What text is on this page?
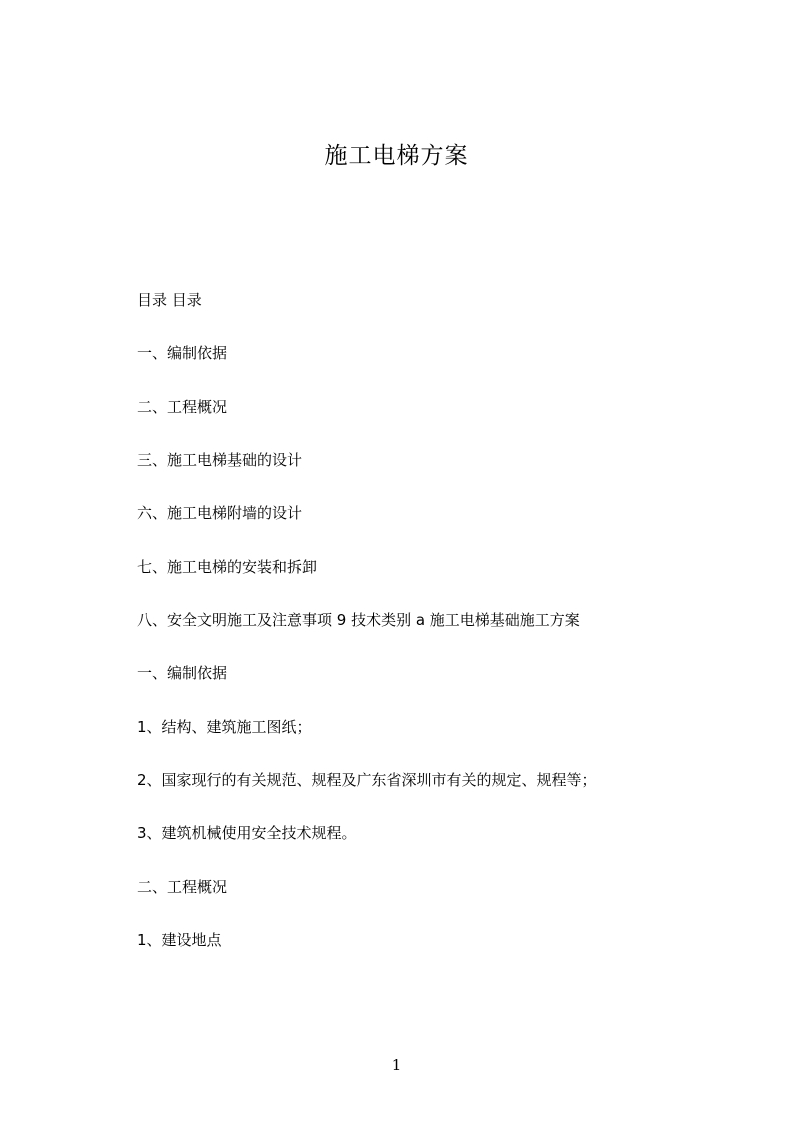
施工电梯方案
目录 目录
一、编制依据
二、工程概况
三、施工电梯基础的设计
六、施工电梯附墙的设计
七、施工电梯的安装和拆卸
八、安全文明施工及注意事项 9 技术类别 a 施工电梯基础施工方案
一、编制依据
1、结构、建筑施工图纸；
2、国家现行的有关规范、规程及广东省深圳市有关的规定、规程等；
3、建筑机械使用安全技术规程。
二、工程概况
1、建设地点
1
